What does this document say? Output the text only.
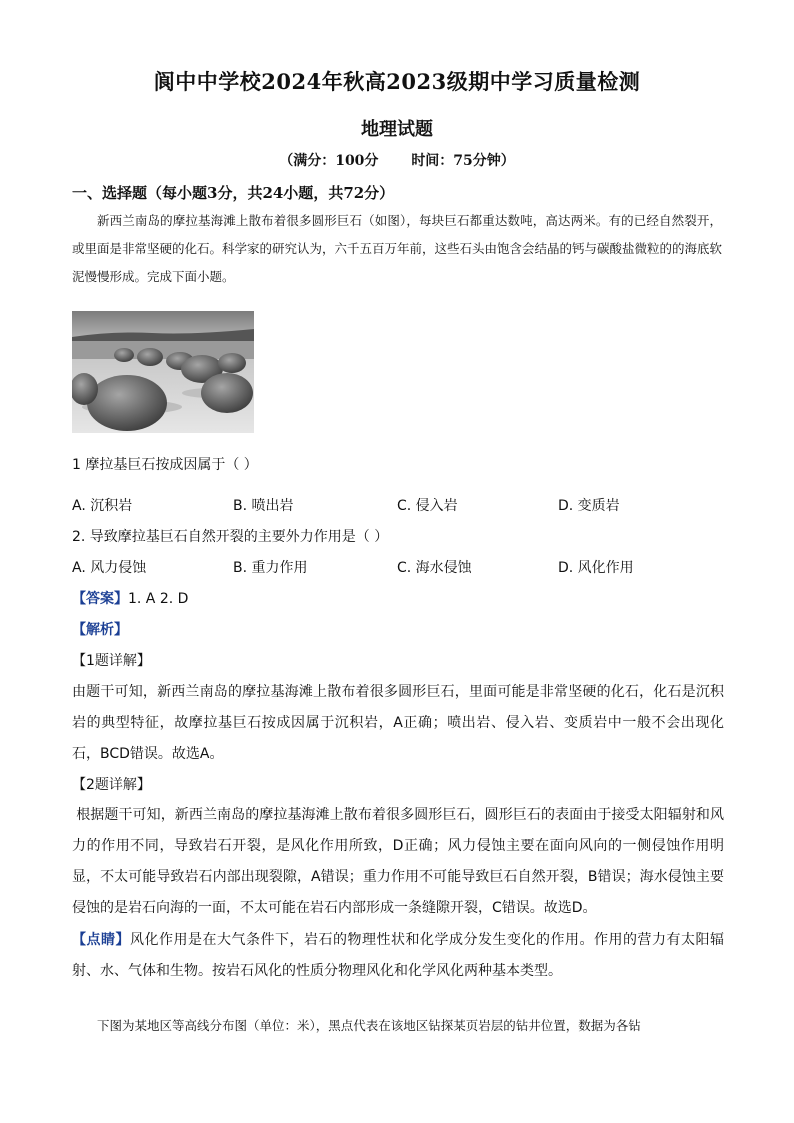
阆中中学校2024年秋高2023级期中学习质量检测
地理试题
（满分：100分 时间：75分钟）
一、选择题（每小题3分，共24小题，共72分）
新西兰南岛的摩拉基海滩上散布着很多圆形巨石（如图），每块巨石都重达数吨，高达两米。有的已经自然裂开，或里面是非常坚硬的化石。科学家的研究认为，六千五百万年前，这些石头由饱含会结晶的钙与碳酸盐微粒的的海底软泥慢慢形成。完成下面小题。
1 摩拉基巨石按成因属于（ ）
A. 沉积岩	B. 喷出岩	C. 侵入岩	D. 变质岩
2. 导致摩拉基巨石自然开裂的主要外力作用是（ ）
A. 风力侵蚀	B. 重力作用	C. 海水侵蚀	D. 风化作用
【答案】1. A 2. D
【解析】
【1题详解】
由题干可知，新西兰南岛的摩拉基海滩上散布着很多圆形巨石，里面可能是非常坚硬的化石，化石是沉积岩的典型特征，故摩拉基巨石按成因属于沉积岩，A正确；喷出岩、侵入岩、变质岩中一般不会出现化石，BCD错误。故选A。
【2题详解】
根据题干可知，新西兰南岛的摩拉基海滩上散布着很多圆形巨石，圆形巨石的表面由于接受太阳辐射和风力的作用不同，导致岩石开裂，是风化作用所致，D正确；风力侵蚀主要在面向风向的一侧侵蚀作用明显，不太可能导致岩石内部出现裂隙，A错误；重力作用不可能导致巨石自然开裂，B错误；海水侵蚀主要侵蚀的是岩石向海的一面，不太可能在岩石内部形成一条缝隙开裂，C错误。故选D。
【点睛】风化作用是在大气条件下，岩石的物理性状和化学成分发生变化的作用。作用的营力有太阳辐射、水、气体和生物。按岩石风化的性质分物理风化和化学风化两种基本类型。
下图为某地区等高线分布图（单位：米），黑点代表在该地区钻探某页岩层的钻井位置，数据为各钻
